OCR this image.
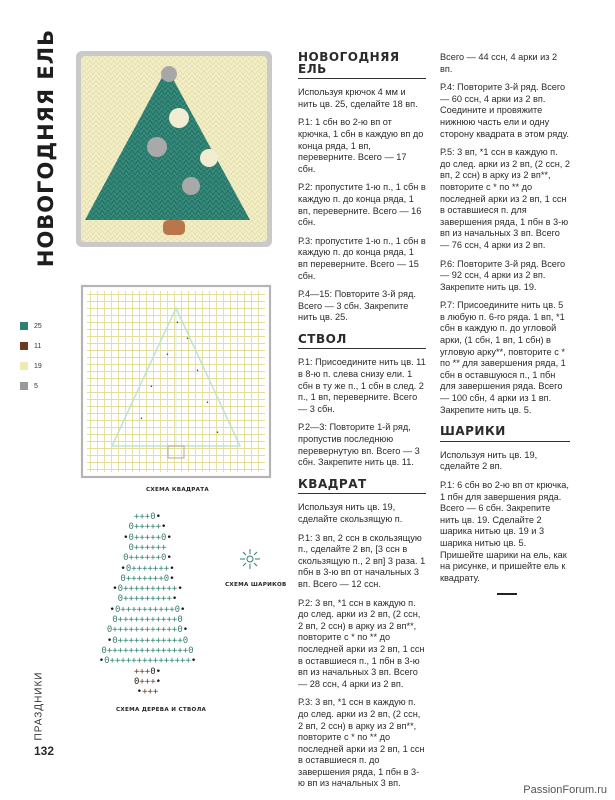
НОВОГОДНЯЯ ЕЛЬ
•
•
•
•
•
•
•
•
СХЕМА КВАДРАТА
25
11
19
5
+++0•
0+++++•
•0+++++0•
0++++++
0++++++0•
•0+++++++•
0+++++++0•
•0++++++++++•
0+++++++++•
•0++++++++++0•
0+++++++++++0
0++++++++++++0•
•0++++++++++++0
0+++++++++++++++0
•0+++++++++++++++•
+++0•
0+++•
•+++
СХЕМА ДЕРЕВА И СТВОЛА
СХЕМА ШАРИКОВ
НОВОГОДНЯЯ ЕЛЬ

Используя крючок 4 мм и нить цв. 25, сделайте 18 вп.

Р.1: 1 сбн во 2-ю вп от крючка, 1 сбн в каждую вп до конца ряда, 1 вп, переверните. Всего — 17 сбн.

Р.2: пропустите 1-ю п., 1 сбн в каждую п. до конца ряда, 1 вп, переверните. Всего — 16 сбн.

Р.3: пропустите 1-ю п., 1 сбн в каждую п. до конца ряда, 1 вп переверните. Всего — 15 сбн.

Р.4—15: Повторите 3-й ряд. Всего — 3 сбн. Закрепите нить цв. 25.

СТВОЛ

Р.1: Присоедините нить цв. 11 в 8-ю п. слева снизу ели. 1 сбн в ту же п., 1 сбн в след. 2 п., 1 вп, переверните. Всего — 3 сбн.

Р.2—3: Повторите 1-й ряд, пропустив последнюю перевернутую вп. Всего — 3 сбн. Закрепите нить цв. 11.

КВАДРАТ

Используя нить цв. 19, сделайте скользящую п.

Р.1: 3 вп, 2 ссн в скользящую п., сделайте 2 вп, [3 ссн в скользящую п., 2 вп] 3 раза. 1 пбн в 3-ю вп от начальных 3 вп. Всего — 12 ссн.

Р.2: 3 вп, *1 ссн в каждую п. до след. арки из 2 вп, (2 ссн, 2 вп, 2 ссн) в арку из 2 вп**, повторите с * по ** до последней арки из 2 вп, 1 ссн в оставшиеся п., 1 пбн в 3-ю вп из начальных 3 вп. Всего — 28 ссн, 4 арки из 2 вп.

Р.3: 3 вп, *1 ссн в каждую п. до след. арки из 2 вп, (2 ссн, 2 вп, 2 ссн) в арку из 2 вп**, повторите с * по ** до последней арки из 2 вп, 1 ссн в оставшиеся п. до завершения ряда, 1 пбн в 3-ю вп из начальных 3 вп.

Всего — 44 ссн, 4 арки из 2 вп.

Р.4: Повторите 3-й ряд. Всего — 60 ссн, 4 арки из 2 вп. Соедините и провяжите нижнюю часть ели и одну сторону квадрата в этом ряду.

Р.5: 3 вп, *1 ссн в каждую п. до след. арки из 2 вп, (2 ссн, 2 вп, 2 ссн) в арку из 2 вп**, повторите с * по ** до последней арки из 2 вп, 1 ссн в оставшиеся п. для завершения ряда, 1 пбн в 3-ю вп из начальных 3 вп. Всего — 76 ссн, 4 арки из 2 вп.

Р.6: Повторите 3-й ряд. Всего — 92 ссн, 4 арки из 2 вп. Закрепите нить цв. 19.

Р.7: Присоедините нить цв. 5 в любую п. 6-го ряда. 1 вп, *1 сбн в каждую п. до угловой арки, (1 сбн, 1 вп, 1 сбн) в угловую арку**, повторите с * по ** для завершения ряда, 1 сбн в оставшуюся п., 1 пбн для завершения ряда. Всего — 100 сбн, 4 арки из 1 вп. Закрепите нить цв. 5.

ШАРИКИ

Используя нить цв. 19, сделайте 2 вп.

Р.1: 6 сбн во 2-ю вп от крючка, 1 пбн для завершения ряда. Всего — 6 сбн. Закрепите нить цв. 19. Сделайте 2 шарика нитью цв. 19 и 3 шарика нитью цв. 5. Пришейте шарики на ель, как на рисунке, и пришейте ель к квадрату.

ПРАЗДНИКИ
132
PassionForum.ru
